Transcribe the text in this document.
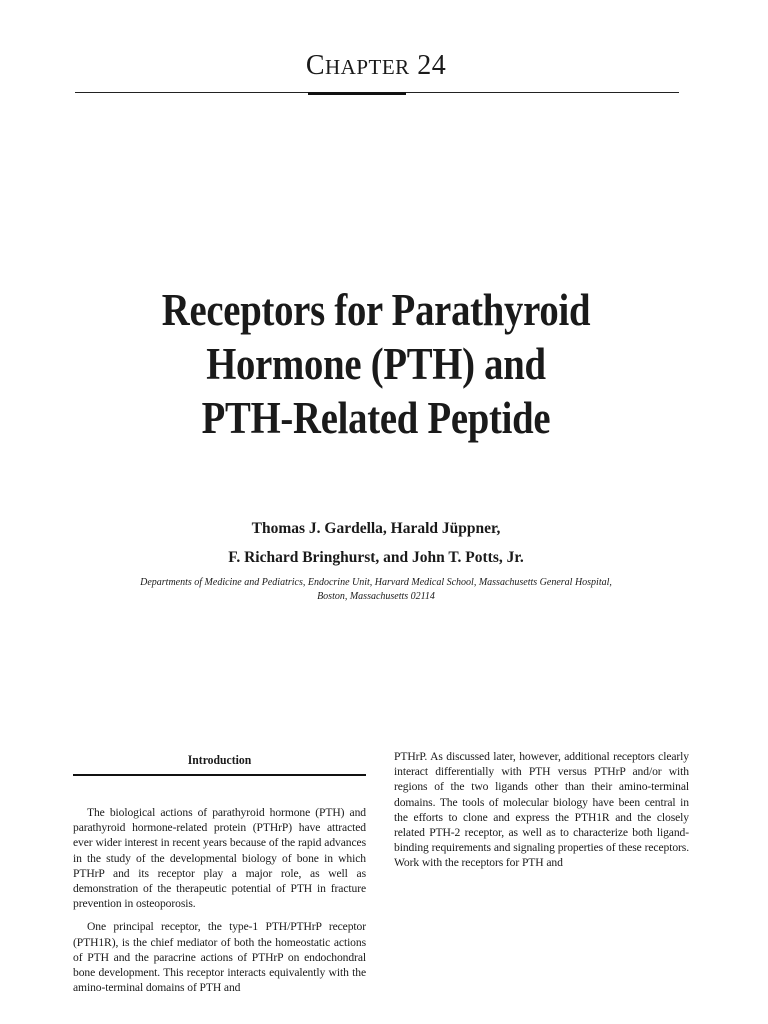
CHAPTER 24
Receptors for Parathyroid
Hormone (PTH) and
PTH-Related Peptide
Thomas J. Gardella, Harald Jüppner,
F. Richard Bringhurst, and John T. Potts, Jr.
Departments of Medicine and Pediatrics, Endocrine Unit, Harvard Medical School, Massachusetts General Hospital,
Boston, Massachusetts 02114
Introduction

The biological actions of parathyroid hormone (PTH) and parathyroid hormone-related protein (PTHrP) have attracted ever wider interest in recent years because of the rapid advances in the study of the developmental biology of bone in which PTHrP and its receptor play a major role, as well as demonstration of the therapeutic potential of PTH in fracture prevention in osteoporosis.

One principal receptor, the type-1 PTH/PTHrP receptor (PTH1R), is the chief mediator of both the homeostatic actions of PTH and the paracrine actions of PTHrP on endochondral bone development. This receptor interacts equivalently with the amino-terminal domains of PTH and

PTHrP. As discussed later, however, additional receptors clearly interact differentially with PTH versus PTHrP and/or with regions of the two ligands other than their amino-terminal domains. The tools of molecular biology have been central in the efforts to clone and express the PTH1R and the closely related PTH-2 receptor, as well as to characterize both ligand-binding requirements and signaling properties of these receptors. Work with the receptors for PTH and
